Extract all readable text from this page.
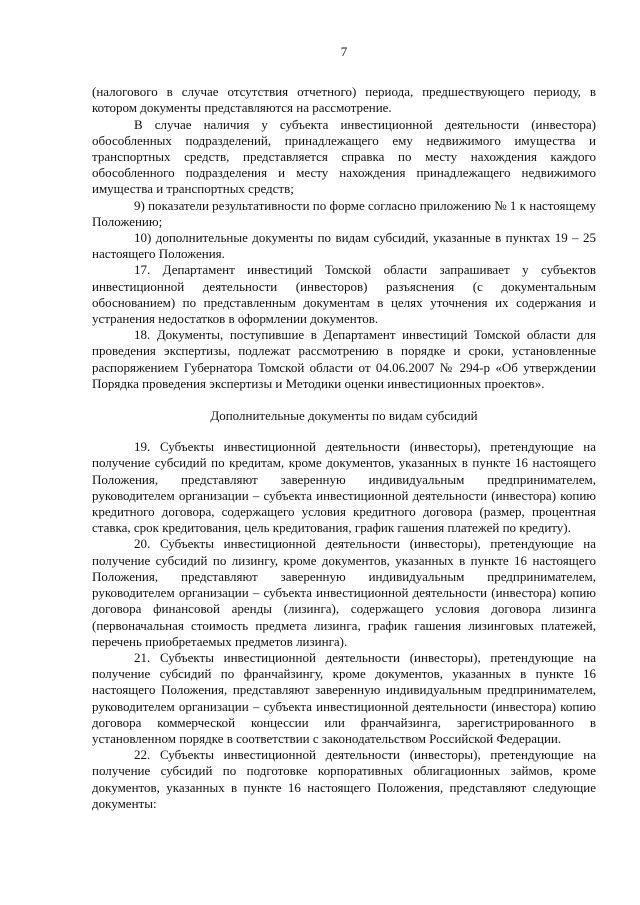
7

(налогового в случае отсутствия отчетного) периода, предшествующего периоду, в котором документы представляются на рассмотрение.

В случае наличия у субъекта инвестиционной деятельности (инвестора) обособленных подразделений, принадлежащего ему недвижимого имущества и транспортных средств, представляется справка по месту нахождения каждого обособленного подразделения и месту нахождения принадлежащего недвижимого имущества и транспортных средств;

9) показатели результативности по форме согласно приложению № 1 к настоящему Положению;

10) дополнительные документы по видам субсидий, указанные в пунктах 19 – 25 настоящего Положения.

17. Департамент инвестиций Томской области запрашивает у субъектов инвестиционной деятельности (инвесторов) разъяснения (с документальным обоснованием) по представленным документам в целях уточнения их содержания и устранения недостатков в оформлении документов.

18. Документы, поступившие в Департамент инвестиций Томской области для проведения экспертизы, подлежат рассмотрению в порядке и сроки, установленные распоряжением Губернатора Томской области от 04.06.2007 № 294-р «Об утверждении Порядка проведения экспертизы и Методики оценки инвестиционных проектов».

Дополнительные документы по видам субсидий

19. Субъекты инвестиционной деятельности (инвесторы), претендующие на получение субсидий по кредитам, кроме документов, указанных в пункте 16 настоящего Положения, представляют заверенную индивидуальным предпринимателем, руководителем организации – субъекта инвестиционной деятельности (инвестора) копию кредитного договора, содержащего условия кредитного договора (размер, процентная ставка, срок кредитования, цель кредитования, график гашения платежей по кредиту).

20. Субъекты инвестиционной деятельности (инвесторы), претендующие на получение субсидий по лизингу, кроме документов, указанных в пункте 16 настоящего Положения, представляют заверенную индивидуальным предпринимателем, руководителем организации – субъекта инвестиционной деятельности (инвестора) копию договора финансовой аренды (лизинга), содержащего условия договора лизинга (первоначальная стоимость предмета лизинга, график гашения лизинговых платежей, перечень приобретаемых предметов лизинга).

21. Субъекты инвестиционной деятельности (инвесторы), претендующие на получение субсидий по франчайзингу, кроме документов, указанных в пункте 16 настоящего Положения, представляют заверенную индивидуальным предпринимателем, руководителем организации – субъекта инвестиционной деятельности (инвестора) копию договора коммерческой концессии или франчайзинга, зарегистрированного в установленном порядке в соответствии с законодательством Российской Федерации.

22. Субъекты инвестиционной деятельности (инвесторы), претендующие на получение субсидий по подготовке корпоративных облигационных займов, кроме документов, указанных в пункте 16 настоящего Положения, представляют следующие документы:
